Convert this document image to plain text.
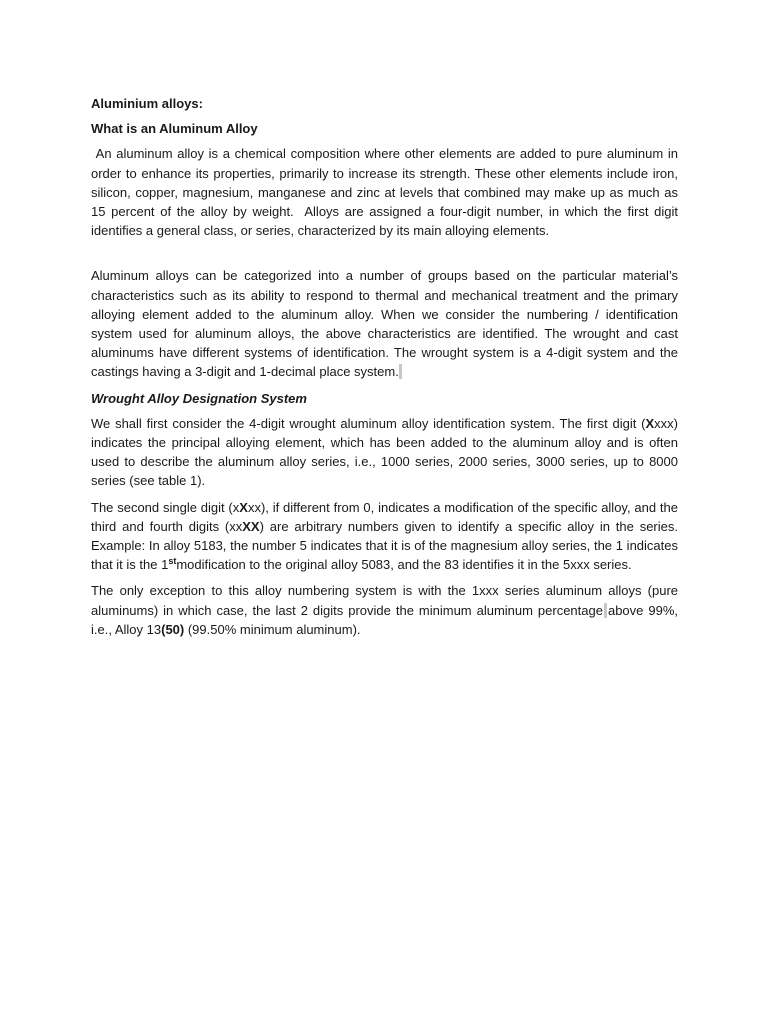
Aluminium alloys:
What is an Aluminum Alloy

An aluminum alloy is a chemical composition where other elements are added to pure aluminum in order to enhance its properties, primarily to increase its strength. These other elements include iron, silicon, copper, magnesium, manganese and zinc at levels that combined may make up as much as 15 percent of the alloy by weight.  Alloys are assigned a four-digit number, in which the first digit identifies a general class, or series, characterized by its main alloying elements.

Aluminum alloys can be categorized into a number of groups based on the particular material’s characteristics such as its ability to respond to thermal and mechanical treatment and the primary alloying element added to the aluminum alloy. When we consider the numbering / identification system used for aluminum alloys, the above characteristics are identified. The wrought and cast aluminums have different systems of identification. The wrought system is a 4-digit system and the castings having a 3-digit and 1-decimal place system.

Wrought Alloy Designation System

We shall first consider the 4-digit wrought aluminum alloy identification system. The first digit (Xxxx) indicates the principal alloying element, which has been added to the aluminum alloy and is often used to describe the aluminum alloy series, i.e., 1000 series, 2000 series, 3000 series, up to 8000 series (see table 1).

The second single digit (xXxx), if different from 0, indicates a modification of the specific alloy, and the third and fourth digits (xxXX) are arbitrary numbers given to identify a specific alloy in the series. Example: In alloy 5183, the number 5 indicates that it is of the magnesium alloy series, the 1 indicates that it is the 1stmodification to the original alloy 5083, and the 83 identifies it in the 5xxx series.

The only exception to this alloy numbering system is with the 1xxx series aluminum alloys (pure aluminums) in which case, the last 2 digits provide the minimum aluminum percentage above 99%, i.e., Alloy 13(50) (99.50% minimum aluminum).
